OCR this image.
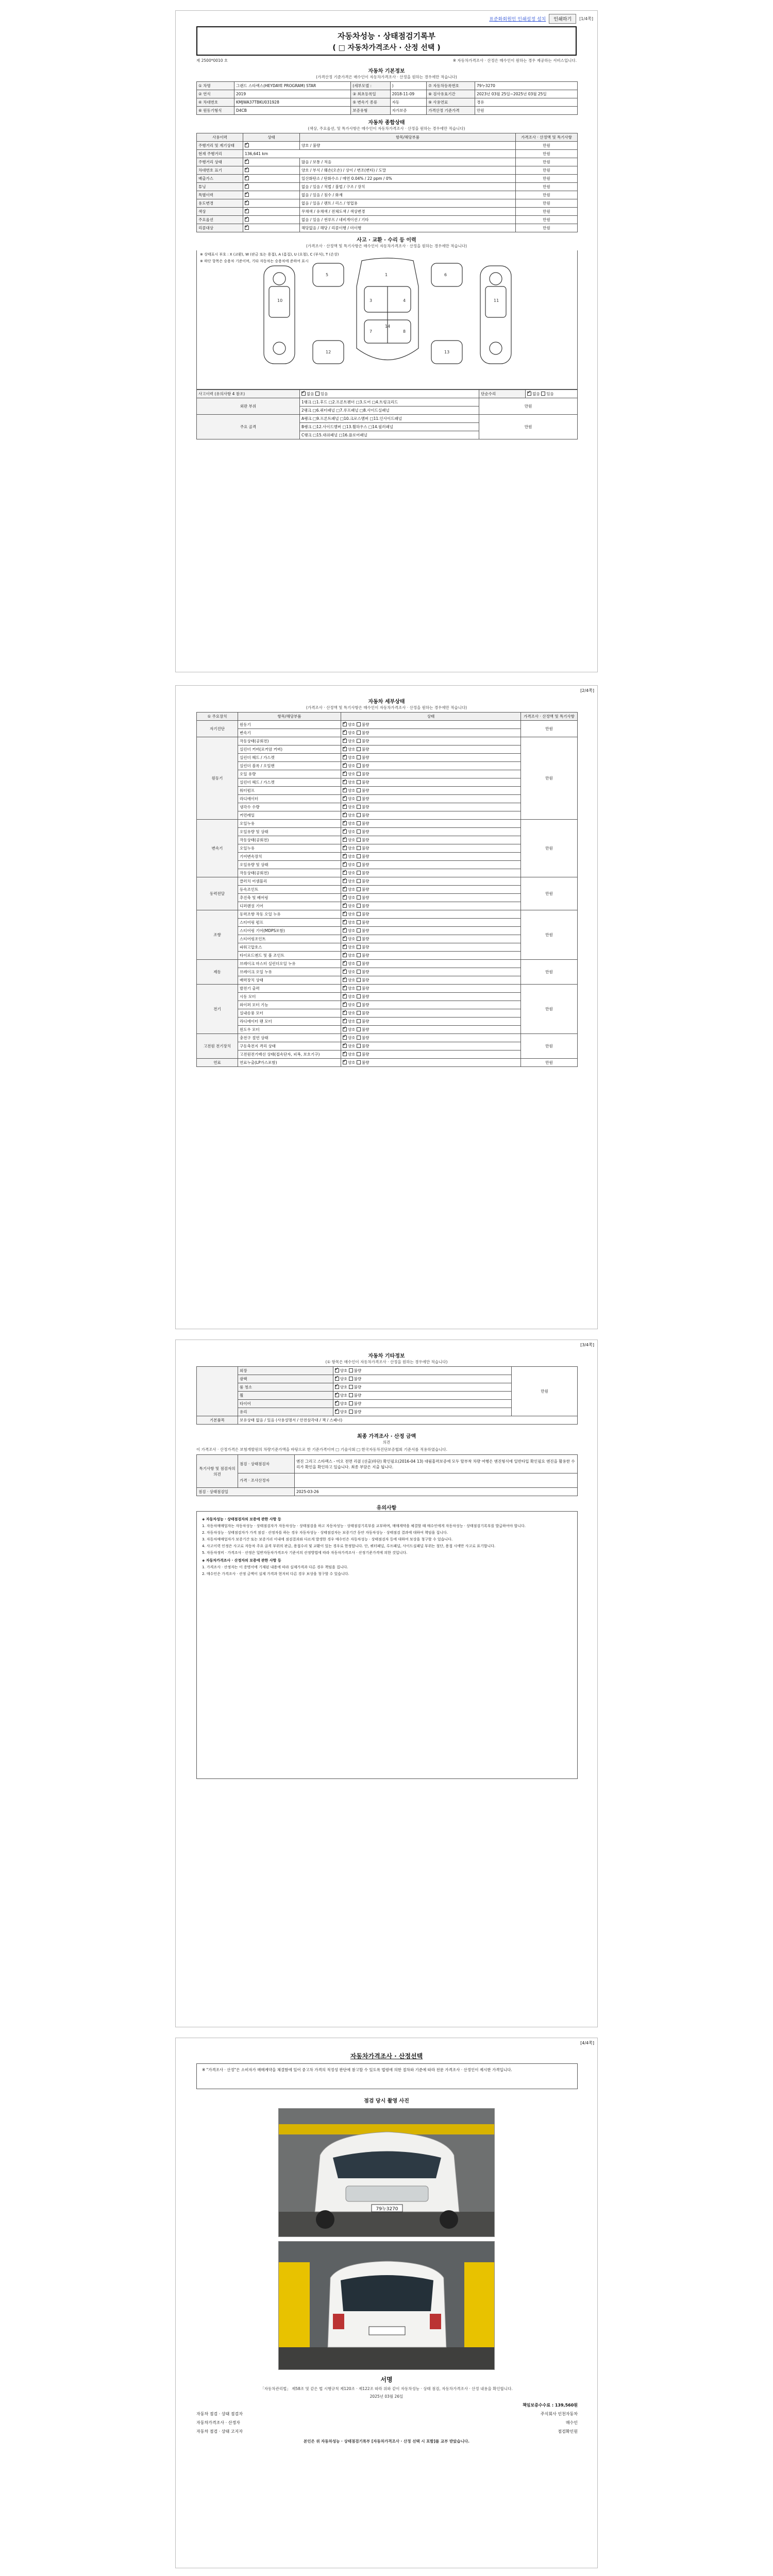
표준화회원인 인쇄설정 설치	인쇄하기	[1/4쪽]
자동차성능 · 상태점검기록부
( □ 자동차가격조사 · 산정 선택 )
제 2500*0010 호	※ 자동차가격조사 · 산정은 매수인이 원하는 경우 제공하는 서비스입니다.
자동차 기본정보
(가격산정 기준가격은 매수인이 자동차가격조사 · 산정을 원하는 경우에만 적습니다)
① 차명	그랜드 스타렉스(HEYDAYE PROGRAM) STAR	(세부모델 :	)	⑦ 자동차등록번호	79누3270
② 연식	2019	③ 최초등록일	2018-11-09	⑧ 검사유효기간	2023년 03월 25일~2025년 03월 25일
④ 차대번호	KMJWA37TBKU031928	⑤ 변속기 종류	자동	⑨ 사용연료	경유
⑥ 원동기형식	D4CB	보증유형	자가보증	가격산정 기준가격	만원
자동차 종합상태
(색상, 주요옵션, 및 특가사항은 매수인이 자동차가격조사 · 산정을 원하는 경우에만 적습니다)
사용이력	상태	항목/해당부품	가격조사 · 산정액 및 특기사항
주행거리 및 계기상태	✓	양호 / 불량	만원
현재 주행거리	136,641 km		만원
주행거리 상태	✓	많음 / 보통 / 적음	만원
차대번호 표기	✓	양호 / 부식 / 훼손(오손) / 상이 / 변조(변타) / 도말	만원
배출가스	✓	일산화탄소 / 탄화수소 / 매연 0.04% / 22 ppm / 0%	만원
튜닝	✓	없음 / 있음 / 적법 / 불법 / 구조 / 장치	만원
특별이력	✓	없음 / 있음 / 침수 / 화재	만원
용도변경	✓	없음 / 있음 / 렌트 / 리스 / 영업용	만원
색상	✓	무채색 / 유채색 / 전체도색 / 색상변경	만원
주요옵션	✓	없음 / 있음 / 썬루프 / 네비게이션 / 기타	만원
리콜대상	✓	해당없음 / 해당 / 리콜이행 / 미이행	만원
사고 · 교환 · 수리 등 이력
(가격조사 · 산정액 및 특기사항은 매수인이 자동차가격조사 · 산정을 원하는 경우에만 적습니다)
※ 상태표시 부호 : X (교환), W (판금 또는 용접), A (흠집), U (요철), C (부식), T (손상)
※ 하단 항목은 승용차 기준이며, 기타 자동차는 승용차에 준하여 표시
1
14
3	4
7	8
10	11
5	6
12	13
사고이력 (유의사항 4 참조)	✓없음 있음	단순수리	✓없음 있음
외판 부위	1랭크 □1.후드 □2.프론트펜더 □3.도어 □4.트렁크리드	만원	
	2랭크 □6.쿼터패널 □7.루프패널 □8.사이드실패널		
주요 골격	A랭크 □9.프론트패널 □10.크로스멤버 □11.인사이드패널	만원	
	B랭크 □12.사이드멤버 □13.휠하우스 □14.필러패널		
	C랭크 □15.대쉬패널 □16.플로어패널		
[2/4쪽]
자동차 세부상태
(가격조사 · 산정액 및 특기사항은 매수인이 자동차가격조사 · 산정을 원하는 경우에만 적습니다)
① 주요장치	항목/해당부품	상태	가격조사 · 산정액 및 특기사항
자기진단	원동기	✓양호 불량	만원
	변속기	✓양호 불량
원동기	작동상태(공회전)	✓양호 불량	만원
	실린더 커버(로커암 커버)	✓양호 불량
	실린더 헤드 / 가스켓	✓양호 불량
	실린더 블록 / 오일팬	✓양호 불량
	오일 유량	✓양호 불량
	실린더 헤드 / 가스켓	✓양호 불량
	워터펌프	✓양호 불량
	라디에이터	✓양호 불량
	냉각수 수량	✓양호 불량
	커먼레일	✓양호 불량
변속기	오일누유	✓양호 불량	만원
	오일유량 및 상태	✓양호 불량
	작동상태(공회전)	✓양호 불량
	오일누유	✓양호 불량
	기어변속장치	✓양호 불량
	오일유량 및 상태	✓양호 불량
	작동상태(공회전)	✓양호 불량
동력전달	클러치 어셈블리	✓양호 불량	만원
	등속조인트	✓양호 불량
	추진축 및 베어링	✓양호 불량
	디퍼렌셜 기어	✓양호 불량
조향	동력조향 작동 오일 누유	✓양호 불량	만원
	스티어링 펌프	✓양호 불량
	스티어링 기어(MDPS포함)	✓양호 불량
	스티어링조인트	✓양호 불량
	파워고압호스	✓양호 불량
	타이로드엔드 및 볼 조인트	✓양호 불량
제동	브레이크 마스터 실린더오일 누유	✓양호 불량	만원
	브레이크 오일 누유	✓양호 불량
	배력장치 상태	✓양호 불량
전기	발전기 출력	✓양호 불량	만원
	시동 모터	✓양호 불량
	와이퍼 모터 기능	✓양호 불량
	실내송풍 모터	✓양호 불량
	라디에이터 팬 모터	✓양호 불량
	윈도우 모터	✓양호 불량
고전원 전기장치	충전구 절연 상태	✓양호 불량	만원
	구동축전지 격리 상태	✓양호 불량
	고전원전기배선 상태(접속단자, 피복, 보호기구)	✓양호 불량
연료	연료누출(LP가스포함)	✓양호 불량	만원
[3/4쪽]
자동차 기타정보
(① 항목은 매수인이 자동차가격조사 · 산정을 원하는 경우에만 적습니다)
	외장	✓양호 불량	만원
	광택	✓양호 불량
	룸 청소	✓양호 불량
	휠	✓양호 불량
	타이어	✓양호 불량
	유리	✓양호 불량
기본품목	보유상태 없음 / 있음 (사용설명서 / 안전삼각대 / 잭 / 스패너)		
최종 가격조사 · 산정 금액
의견
이 가격조사 · 산정가격은 보험개발원의 차량기준가액을 바탕으로 한 기준가격이며 □ 기술사회 □ 한국자동차진단보증협회 기준서를 적용하였습니다.
특기사항 및 점검자의 의견	점검 · 상태점검자	엔진 그리고 스타렉스 - 미오 전면 리콜 (선출)하단) 확인필요(2016-04 13) 대림흠력보증에 모두 탈부착 차량 여행은 엔진형식에 일반타입 확인필요 엔진을 활용한 수리가 확인을 확인하고 있습니다. 최종 부담은 지출 됩니다.
	가격 · 조사산정자	
점검 · 상태점검일		2025-03-26
유의사항

◈ 자동차성능 · 상태점검자의 보증에 관한 사항 등

1. 자동차매매업자는 자동차성능 · 상태점검자가 자동차성능 · 상태점검을 하고 자동차성능 · 상태점검기록부를 교부하며, 매매계약을 체결할 때 매수인에게 자동차성능 · 상태점검기록부를 발급하여야 합니다.

2. 자동차성능 · 상태점검자가 가격 점검 · 산정자를 하는 경우 자동차성능 · 상태점검자는 보증기간 동안 자동차성능 · 상태점검 결과에 대하여 책임을 집니다.

3. 자동차매매업자가 보증기간 또는 보증거리 이내에 점검결과와 다르게 발생한 경우 매수인은 자동차성능 · 상태점검자 등에 대하여 보상을 청구할 수 있습니다.

4. 사고이력 인정은 사고로 자동차 주요 골격 부위의 판금, 용접수리 및 교환이 있는 경우로 한정합니다. 단, 쿼터패널, 루프패널, 사이드실패널 부위는 절단, 용접 시에만 사고로 표기합니다.

5. 자동차정비 · 가격조사 · 산정은 일반자동차가격조사 기준서의 산정방법에 따라 자동차가격조사 · 산정기준가격에 의한 것입니다.

◈ 자동차가격조사 · 산정자의 보증에 관한 사항 등

1. 가격조사 · 산정자는 이 증명서에 기재된 내용에 따라 실제가격과 다른 경우 책임을 집니다.

2. 매수인은 가격조사 · 산정 금액이 실제 가격과 현저히 다른 경우 보상을 청구할 수 있습니다.

[4/4쪽]
자동차가격조사 · 산정선택
※ "가격조사 · 산정"은 소비자가 매매계약을 체결함에 있어 중고차 가격의 적정성 판단에 참고할 수 있도록 법령에 의한 절차와 기준에 따라 전문 가격조사 · 산정인이 제시한 가격입니다.
점검 당시 촬영 사진
79누3270
서명
「자동차관리법」 제58조 및 같은 법 시행규칙 제120조 · 제122조 따라 위와 같이 자동차성능 · 상태 점검, 자동차가격조사 · 산정 내용을 확인합니다.
2025년 03월 26일
책임보증수수료 : 139,560원
자동차 점검 · 상태 점검자	주식회사 인천자동차
자동차가격조사 · 산정자	매수인
자동차 점검 · 상태 고지자	점검확인원
본인은 위 자동차성능 · 상태점검기록부 [자동차가격조사 · 산정 선택 시 포함]를 교부 받았습니다.
